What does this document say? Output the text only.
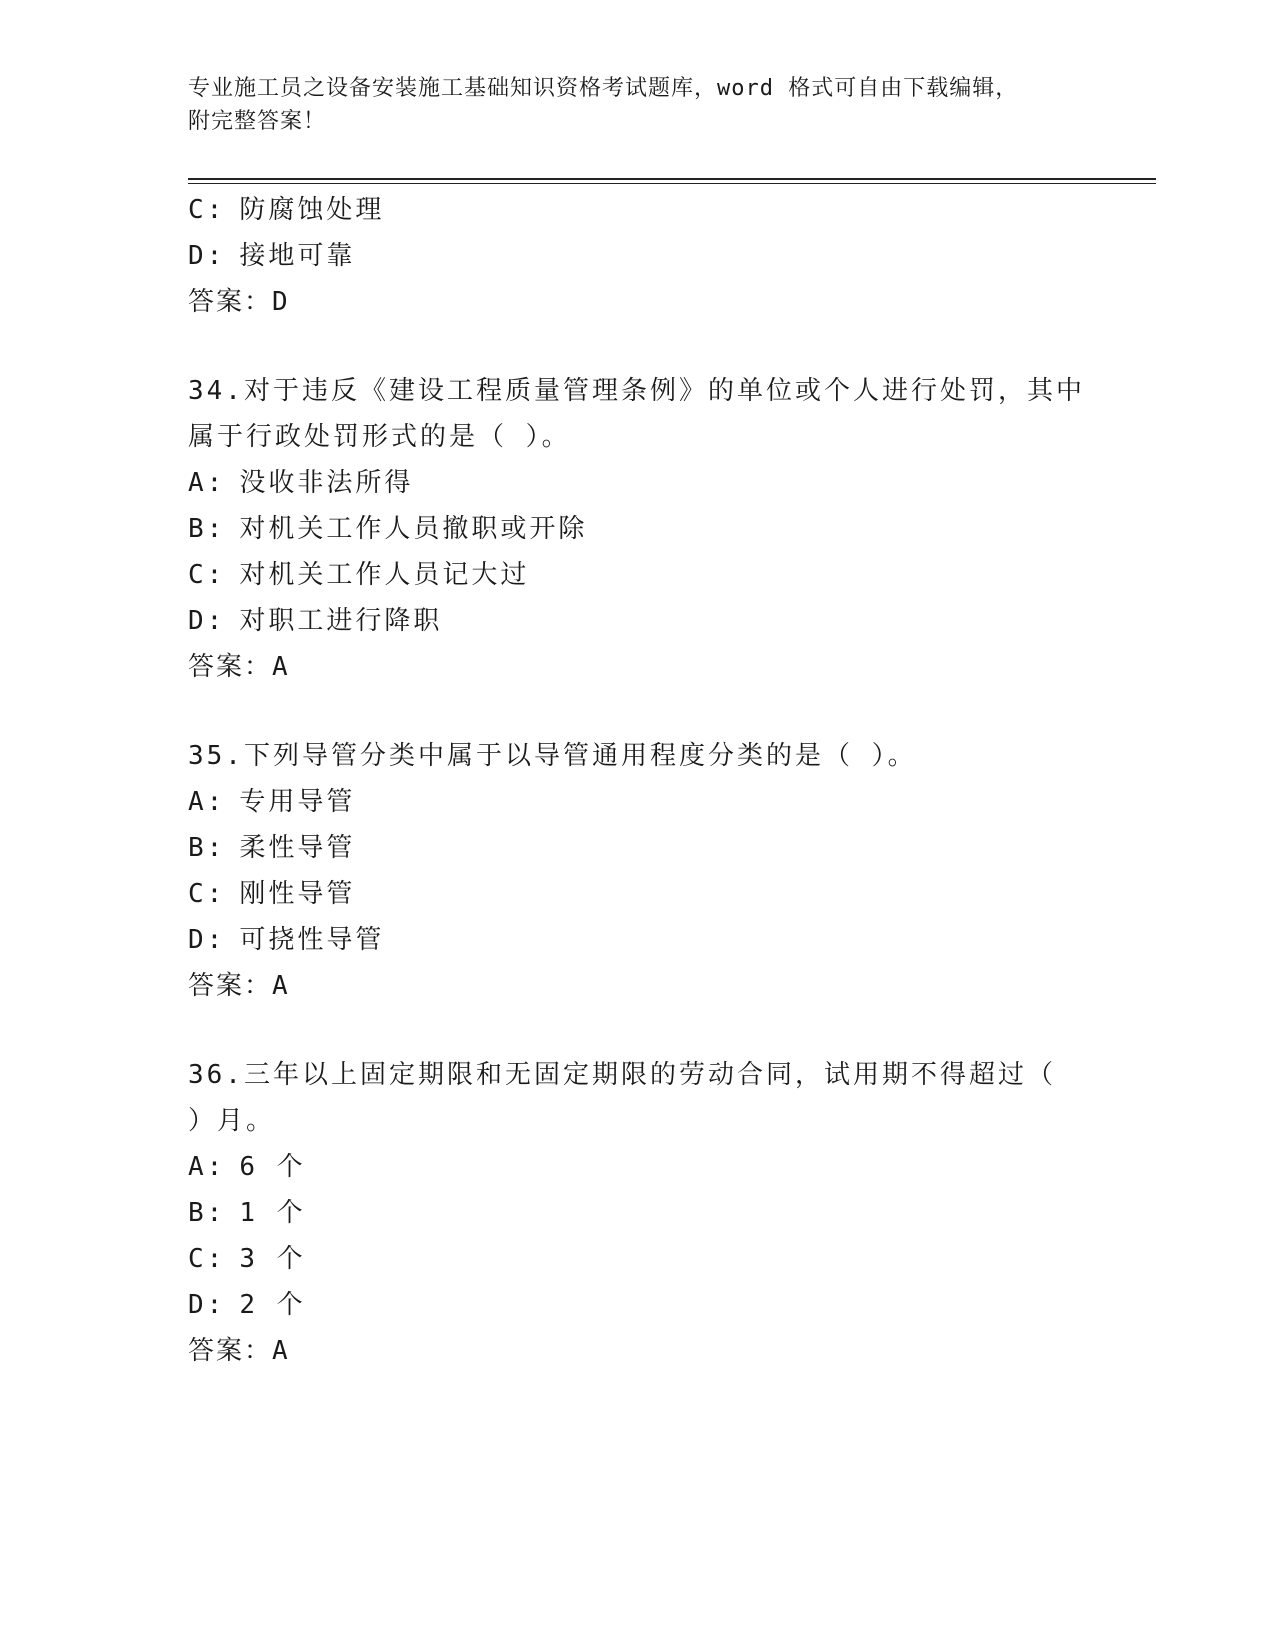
专业施工员之设备安装施工基础知识资格考试题库，word 格式可自由下载编辑，
附完整答案！
C: 防腐蚀处理
D: 接地可靠
答案：D
34.对于违反《建设工程质量管理条例》的单位或个人进行处罚，其中属于行政处罚形式的是（ ）。
A: 没收非法所得
B: 对机关工作人员撤职或开除
C: 对机关工作人员记大过
D: 对职工进行降职
答案：A
35.下列导管分类中属于以导管通用程度分类的是（ ）。
A: 专用导管
B: 柔性导管
C: 刚性导管
D: 可挠性导管
答案：A
36.三年以上固定期限和无固定期限的劳动合同，试用期不得超过（ ）月。
A: 6 个
B: 1 个
C: 3 个
D: 2 个
答案：A
